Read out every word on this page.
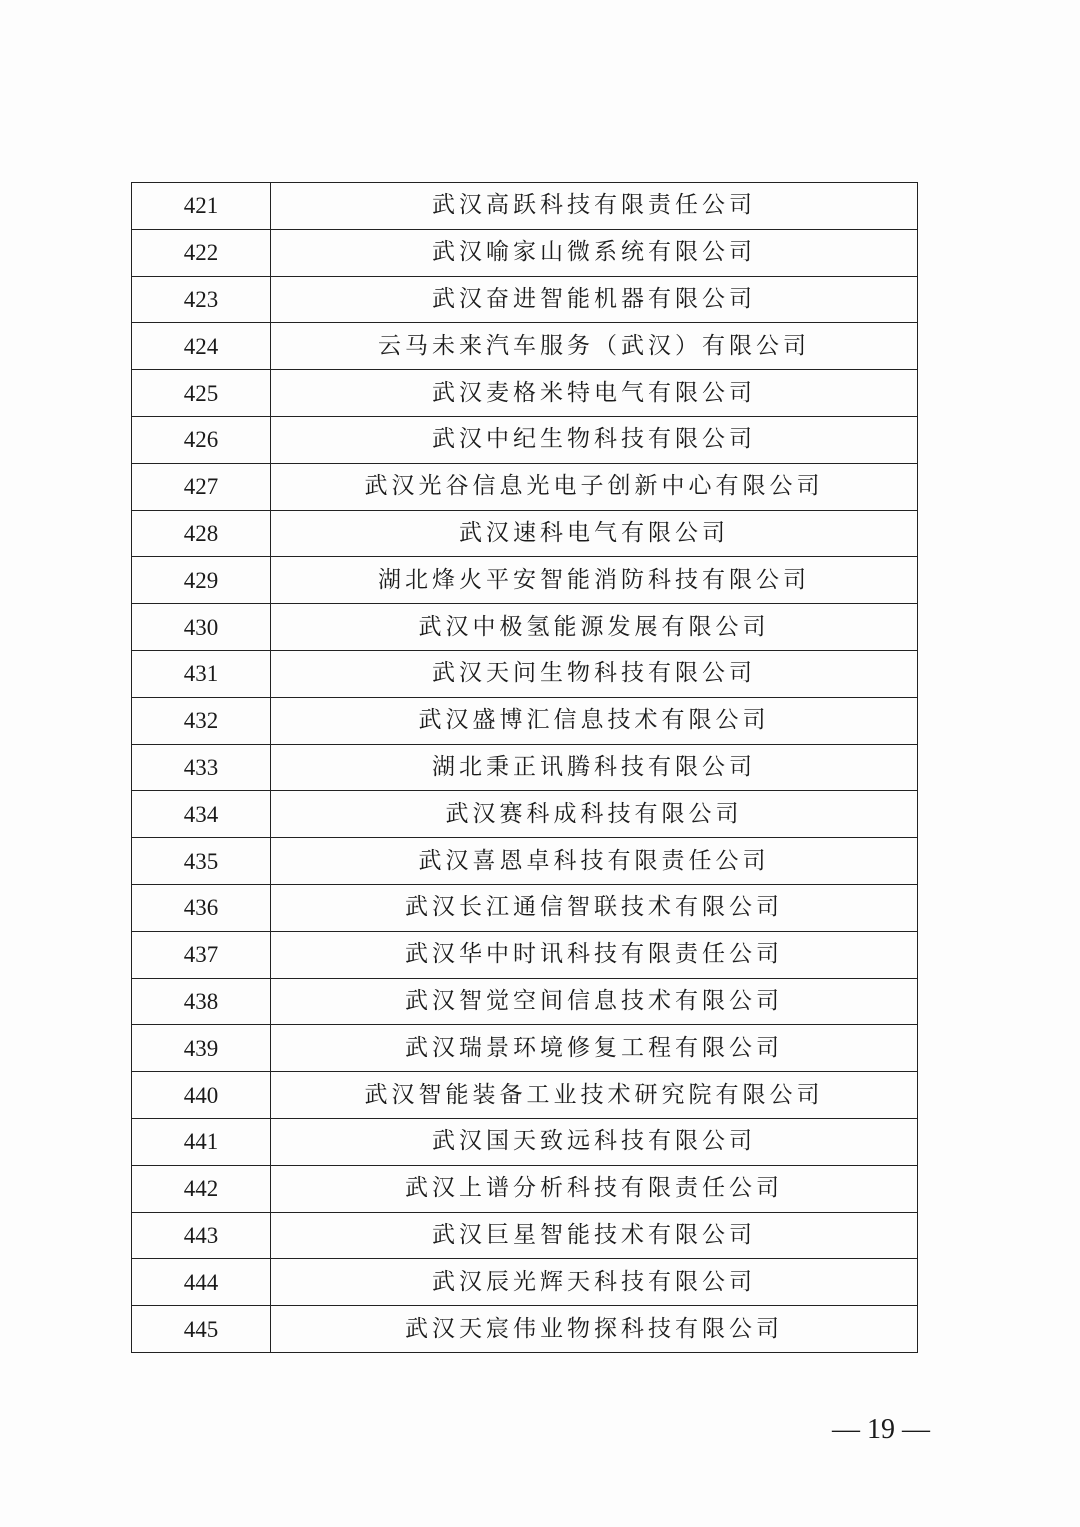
421	武汉高跃科技有限责任公司
422	武汉喻家山微系统有限公司
423	武汉奋进智能机器有限公司
424	云马未来汽车服务（武汉）有限公司
425	武汉麦格米特电气有限公司
426	武汉中纪生物科技有限公司
427	武汉光谷信息光电子创新中心有限公司
428	武汉速科电气有限公司
429	湖北烽火平安智能消防科技有限公司
430	武汉中极氢能源发展有限公司
431	武汉天问生物科技有限公司
432	武汉盛博汇信息技术有限公司
433	湖北秉正讯腾科技有限公司
434	武汉赛科成科技有限公司
435	武汉喜恩卓科技有限责任公司
436	武汉长江通信智联技术有限公司
437	武汉华中时讯科技有限责任公司
438	武汉智觉空间信息技术有限公司
439	武汉瑞景环境修复工程有限公司
440	武汉智能装备工业技术研究院有限公司
441	武汉国天致远科技有限公司
442	武汉上谱分析科技有限责任公司
443	武汉巨星智能技术有限公司
444	武汉辰光辉天科技有限公司
445	武汉天宸伟业物探科技有限公司
— 19 —
